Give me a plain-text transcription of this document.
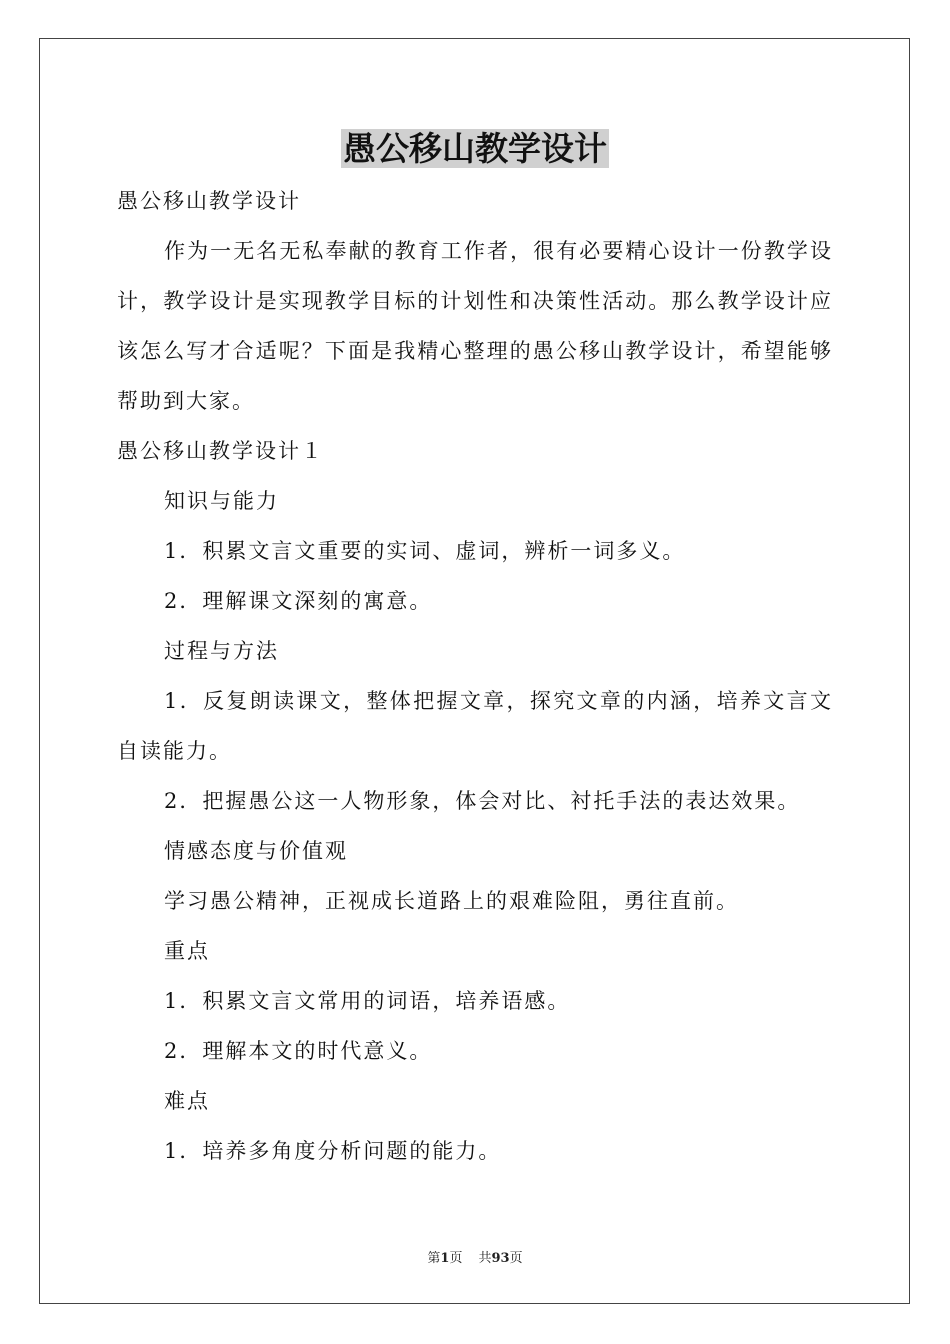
愚公移山教学设计

愚公移山教学设计

作为一无名无私奉献的教育工作者，很有必要精心设计一份教学设计，教学设计是实现教学目标的计划性和决策性活动。那么教学设计应该怎么写才合适呢？下面是我精心整理的愚公移山教学设计，希望能够帮助到大家。

愚公移山教学设计１

知识与能力

1．积累文言文重要的实词、虚词，辨析一词多义。

2．理解课文深刻的寓意。

过程与方法

1．反复朗读课文，整体把握文章，探究文章的内涵，培养文言文自读能力。

2．把握愚公这一人物形象，体会对比、衬托手法的表达效果。

情感态度与价值观

学习愚公精神，正视成长道路上的艰难险阻，勇往直前。

重点

1．积累文言文常用的词语，培养语感。

2．理解本文的时代意义。

难点

1．培养多角度分析问题的能力。

第1页 共93页
